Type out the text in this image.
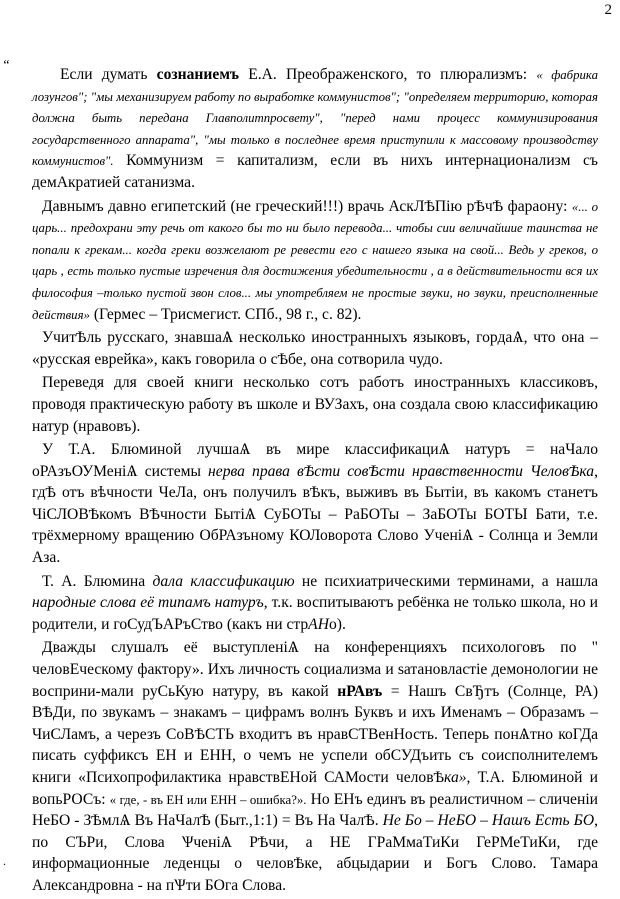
2
“
.

Если думать сознаниемъ Е.А. Преображенского, то плюрализмъ: « фабрика лозунгов"; "мы механизируем работу по выработке коммунистов"; "определяем территорию, которая должна быть передана Главполитпросвету", "перед нами процесс коммунизирования государственного аппарата", "мы только в последнее время приступили к массовому производству коммунистов". Коммунизм = капитализм, если въ нихъ интернационализм съ демАкратией сатанизма.

Давнымъ давно египетский (не греческий!!!) врачь АскЛѢПію рѢчѢ фараону: «... о царь... предохрани эту речь от какого бы то ни было перевода... чтобы сии величайшие таинства не попали к грекам... когда греки возжелают ре ревести его с нашего языка на свой... Ведь у греков, о царь , есть только пустые изречения для достижения убедительности , а в действительности вся их философия –только пустой звон слов... мы употребляем не простые звуки, но звуки, преисполненные действия» (Гермес – Трисмегист. СПб., 98 г., с. 82).

УчитѢль русскаго, знавшаѦ несколько иностранныхъ языковъ, гордаѦ, что она – «русская еврейка», какъ говорила о сѢбе, она сотворила чудо.

Переведя для своей книги несколько сотъ работъ иностранныхъ классиковъ, проводя практическую работу въ школе и ВУЗахъ, она создала свою классификацию натур (нравовъ).

У Т.А. Блюминой лучшаѦ въ мире классификациѦ натуръ = наЧало оРАзъОУМеніѦ системы нерва права вѢсти совѢсти нравственности ЧеловѢка, гдѢ отъ вѣчности ЧеЛа, онъ получилъ вѢкъ, выживъ въ Бытіи, въ какомъ станетъ ЧіСЛОВѢкомъ ВѢчности БытіѦ СуБОТы – РаБОТы – ЗаБОТы БОТЫ Бати, т.е. трёхмерному вращению ОбРАзъному КОЛоворота Слово УченіѦ - Солнца и Земли Аза.

Т. А. Блюмина дала классификацию не психиатрическими терминами, а нашла народные слова её типамъ натуръ, т.к. воспитываютъ ребёнка не только школа, но и родители, и гоСудЪАРъСтво (какъ ни стрАНо).

Дважды слушалъ её выступленіѦ на конференцияхъ психологовъ по " человЕческому фактору». Ихъ личность социализма и sатановластiе демонологии не восприни-мали руСьКую натуру, въ какой нРАвъ = Нашъ СвЂтъ (Солнце, РА) ВѢДи, по звукамъ – знакамъ – цифрамъ волнъ Буквъ и ихъ Именамъ – Образамъ – ЧиСЛамъ, а черезъ СоВѢСТЬ входитъ въ нравСТВенНость. Теперь понѦтно коГДа писать суффиксъ ЕН и ЕНН, о чемъ не успели обСУДъить съ соисполнителемъ книги «Психопрофилактика нравствЕНой САМости человѢка», Т.А. Блюминой и вопьРОСъ: « где, - въ ЕН или ЕНН – ошибка?». Но ЕНъ единъ въ реалистичном – сличеніи НеБО - ЗѢмлѦ Въ НаЧалѢ (Быт.,1:1) = Въ На ЧалѢ. Не Бо – НеБО – Нашъ Есть БО, по СЪРи, Слова ѰченіѦ РѢчи, а НЕ ГРаМмаТиКи ГеРМеТиКи, где информационные леденцы о человѢке, абцыдарии и Богъ Слово. Тамара Александровна - на пѰти БОга Слова.
